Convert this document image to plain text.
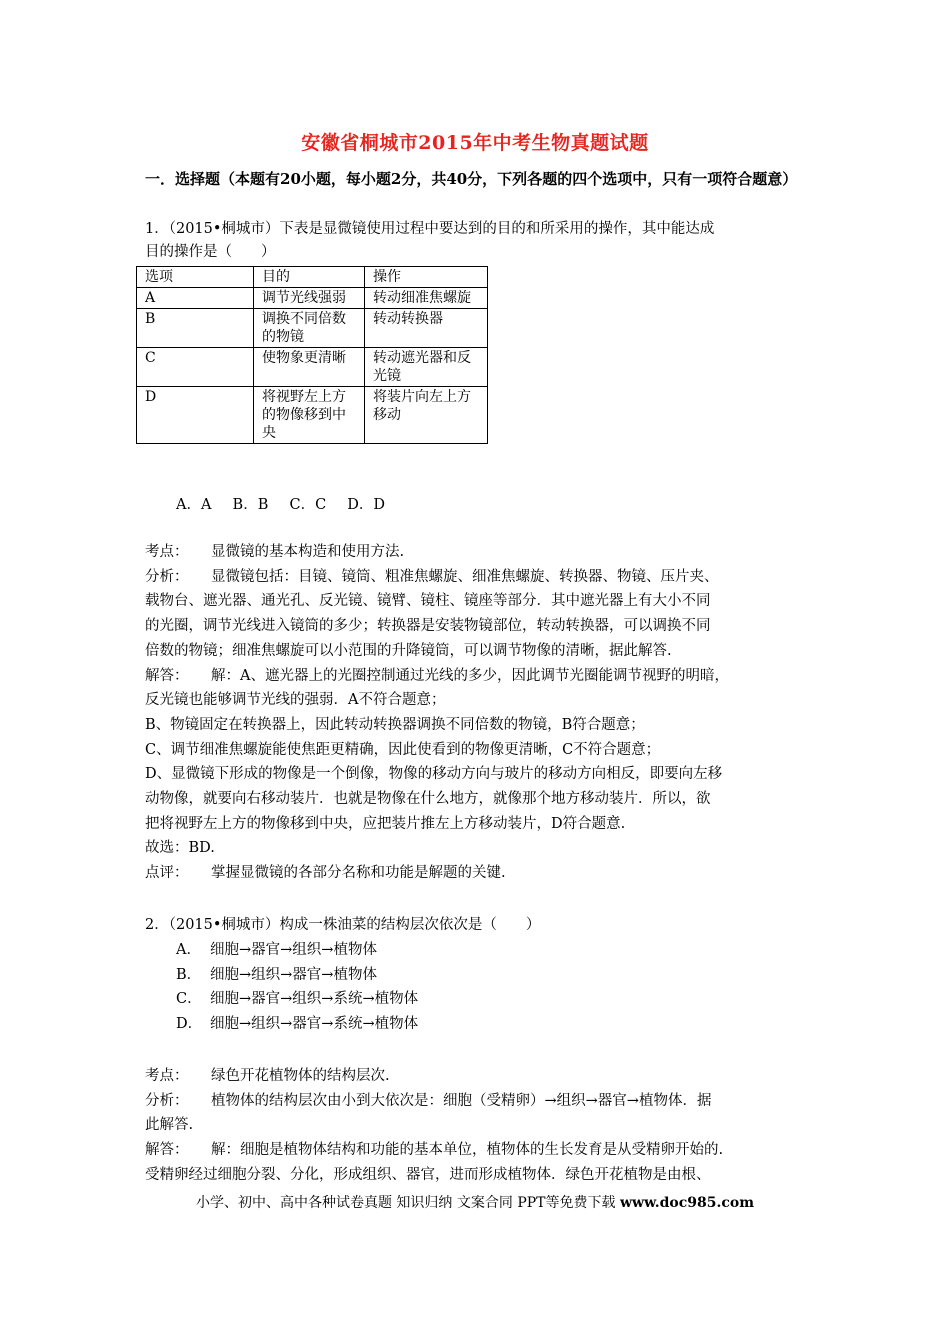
安徽省桐城市2015年中考生物真题试题
一．选择题（本题有20小题，每小题2分，共40分，下列各题的四个选项中，只有一项符合题意）
1．（2015•桐城市）下表是显微镜使用过程中要达到的目的和所采用的操作，其中能达成
目的操作是（　　）
选项	目的	操作
A	调节光线强弱	转动细准焦螺旋
B	调换不同倍数的物镜	转动转换器
C	使物象更清晰	转动遮光器和反光镜
D	将视野左上方的物像移到中央	将装片向左上方移动
A．A　 B．B　 C．C　 D．D
考点： 显微镜的基本构造和使用方法.
分析： 显微镜包括：目镜、镜筒、粗准焦螺旋、细准焦螺旋、转换器、物镜、压片夹、
载物台、遮光器、通光孔、反光镜、镜臂、镜柱、镜座等部分．其中遮光器上有大小不同
的光圈，调节光线进入镜筒的多少；转换器是安装物镜部位，转动转换器，可以调换不同
倍数的物镜；细准焦螺旋可以小范围的升降镜筒，可以调节物像的清晰，据此解答.
解答： 解：A、遮光器上的光圈控制通过光线的多少，因此调节光圈能调节视野的明暗，
反光镜也能够调节光线的强弱．A不符合题意；
B、物镜固定在转换器上，因此转动转换器调换不同倍数的物镜，B符合题意；
C、调节细准焦螺旋能使焦距更精确，因此使看到的物像更清晰，C不符合题意；
D、显微镜下形成的物像是一个倒像，物像的移动方向与玻片的移动方向相反，即要向左移
动物像，就要向右移动装片．也就是物像在什么地方，就像那个地方移动装片．所以，欲
把将视野左上方的物像移到中央，应把装片推左上方移动装片，D符合题意.
故选：BD.
点评： 掌握显微镜的各部分名称和功能是解题的关键.
2．（2015•桐城市）构成一株油菜的结构层次依次是（　　）
A． 细胞→器官→组织→植物体
B． 细胞→组织→器官→植物体
C． 细胞→器官→组织→系统→植物体
D． 细胞→组织→器官→系统→植物体
考点： 绿色开花植物体的结构层次.
分析： 植物体的结构层次由小到大依次是：细胞（受精卵）→组织→器官→植物体．据
此解答.
解答： 解：细胞是植物体结构和功能的基本单位，植物体的生长发育是从受精卵开始的.
受精卵经过细胞分裂、分化，形成组织、器官，进而形成植物体．绿色开花植物是由根、
小学、初中、高中各种试卷真题 知识归纳 文案合同 PPT等免费下载 www.doc985.com
